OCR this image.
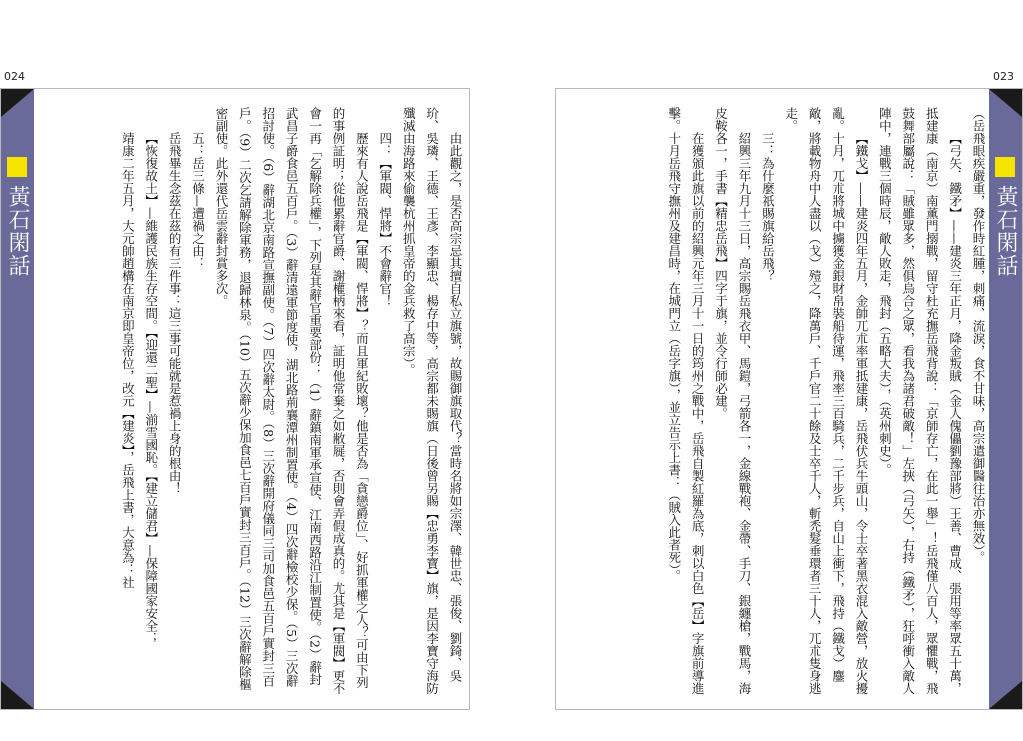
024	023
黃石閑話	由此觀之，是否高宗忌其擅自私立旗號，故賜御旗取代？當時名將如宗澤、韓世忠、張俊、劉錡、吳玠、吳璘、王德、王彥、李顯忠、楊存中等，高宗都未賜旗（日後曾另賜【忠勇李寶】旗，是因李寶守海防殲滅由海路來偷襲杭州抓皇帝的金兵救了高宗）。

四：【軍閥、悍將】不會辭官！

歷來有人說岳飛是【軍閥、悍將】？而且軍紀敗壞？他是否為「貪戀爵位」、好抓軍權之人？可由下列的事例証明；從他累辭官爵、謝權柄來看，証明他常棄之如敝屣，否則會弄假成真的。尤其是【軍閥】更不會一再「乞解除兵權」，下列是其辭官重要部份：（1）辭鎮南軍承宣使、江南西路沿江制置使。（2）辭封武昌子爵食邑五百戶。（3）辭清遠軍節度使，湖北路荊襄潭州制置使。（4）四次辭檢校少保。（5）三次辭招討使。（6）辭湖北京南路宣撫副使。（7）四次辭太尉。（8）三次辭開府儀同三司加食邑五百戶實封三百戶。（9）二次乞請解除軍務，退歸林泉。（10）五次辭少保加食邑七百戶實封三百戶。（12）三次辭解除樞密副使。此外還代岳雲辭封賞多次。

五：岳三條—遭禍之由：

岳飛畢生念茲在茲的有三件事：這三事可能就是惹禍上身的根由！

【恢復故土】—維護民族生存空間。【迎還二聖】—湔雪國恥。【建立儲君】—保障國家安全；

靖康二年五月，大元帥趙構在南京即皇帝位，改元【建炎】，岳飛上書，大意為：社	（岳飛眼疾嚴重，發作時紅腫，刺痛、流淚，食不甘味，高宗遣御醫往治亦無效）。

【弓矢．鐵矛】——建炎三年正月，降金叛賊（金人傀儡劉豫部將）王善、曹成、張用等率眾五十萬，抵建康（南京）南薰門搦戰，留守杜充撫岳飛背說：「京師存亡，在此一舉」！岳飛僅八百人，眾懼戰，飛鼓舞部屬說：「賊雖眾多，然俱烏合之眾，看我為諸君破敵！」左挾（弓矢），右持（鐵矛），狂呼衝入敵人陣中，連戰三個時辰，敵人敗走，飛封（五略大夫），（英州刺史）。

【鐵戈】——建炎四年五月，金帥兀朮率軍抵建康，岳飛伏兵牛頭山，令士卒著黑衣混入敵營，放火擾亂。十月，兀朮將城中擄獲金銀財帛裝船待運，飛率三百騎兵，二千步兵，自山上衝下，飛持（鐵戈）鏖敵，將載物舟中人盡以（戈）殪之，降萬戶、千戶官二十餘及士卒千人，斬禿髮垂環者三十人，兀朮隻身逃走。

三：為什麼祇賜旗給岳飛？

紹興三年九月十三日，高宗賜岳飛衣甲、馬鎧，弓箭各一，金線戰袍、金帶、手刀、銀纏槍，戰馬，海皮鞍各一，手書【精忠岳飛】四字于旗，並令行師必建。

在獲頒此旗以前的紹興元年三月十一日的筠州之戰中，岳飛自製紅羅為底，刺以白色【岳】字旗前導進擊。十月岳飛守撫州及建昌時，在城門立（岳字旗），並立告示上書：（賊入此者死）。	黃石閑話
